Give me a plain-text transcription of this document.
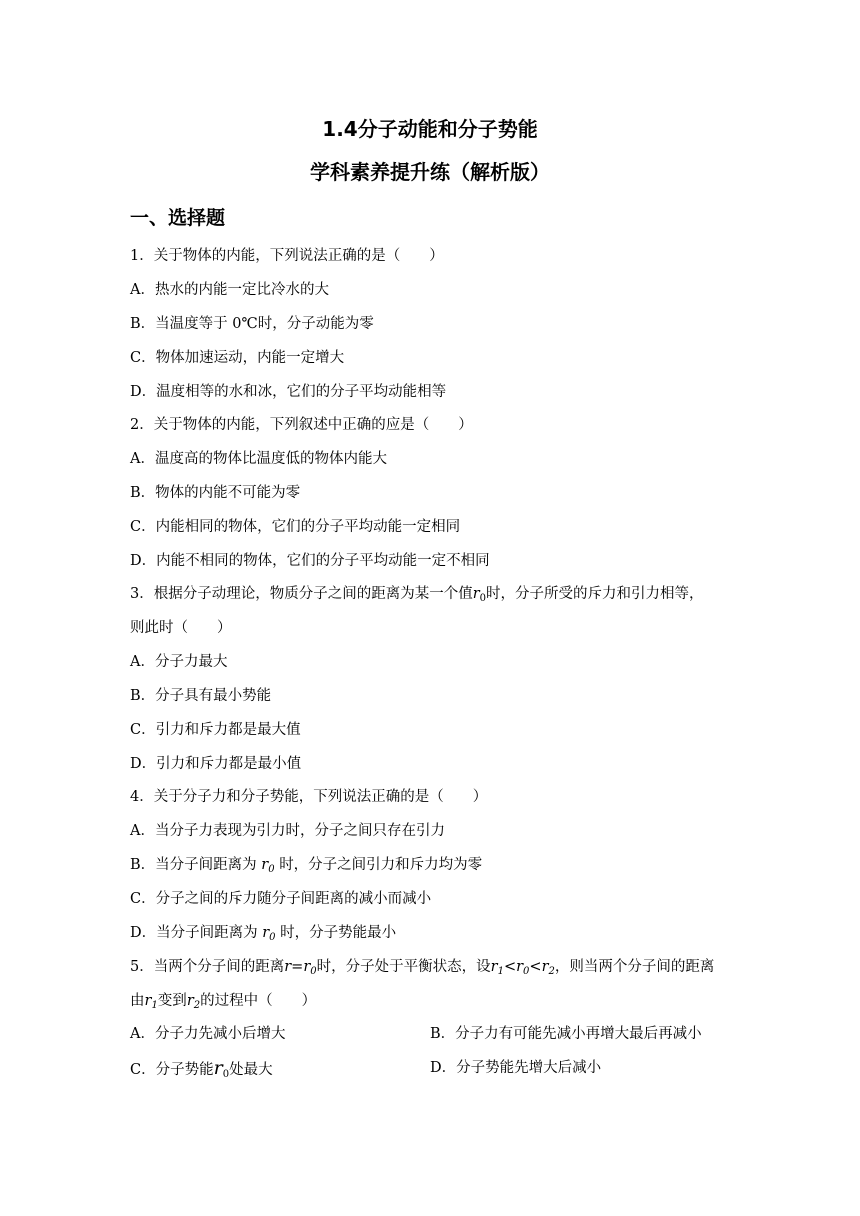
1.4分子动能和分子势能
学科素养提升练（解析版）
一、选择题
1．关于物体的内能，下列说法正确的是（　　）
A．热水的内能一定比冷水的大
B．当温度等于 0℃时，分子动能为零
C．物体加速运动，内能一定增大
D．温度相等的水和冰，它们的分子平均动能相等
2．关于物体的内能，下列叙述中正确的应是（　　）
A．温度高的物体比温度低的物体内能大
B．物体的内能不可能为零
C．内能相同的物体，它们的分子平均动能一定相同
D．内能不相同的物体，它们的分子平均动能一定不相同
3．根据分子动理论，物质分子之间的距离为某一个值$r_0$时，分子所受的斥力和引力相等，
则此时（　　）
A．分子力最大
B．分子具有最小势能
C．引力和斥力都是最大值
D．引力和斥力都是最小值
4．关于分子力和分子势能，下列说法正确的是（　　）
A．当分子力表现为引力时，分子之间只存在引力
B．当分子间距离为 $r_0$ 时，分子之间引力和斥力均为零
C．分子之间的斥力随分子间距离的减小而减小
D．当分子间距离为 $r_0$ 时，分子势能最小
5．当两个分子间的距离$r=r_0$时，分子处于平衡状态，设$r_1<r_0<r_2$，则当两个分子间的距离
由$r_1$变到$r_2$的过程中（　　）
A．分子力先减小后增大	B．分子力有可能先减小再增大最后再减小
C．分子势能$r_0$处最大	D．分子势能先增大后减小
